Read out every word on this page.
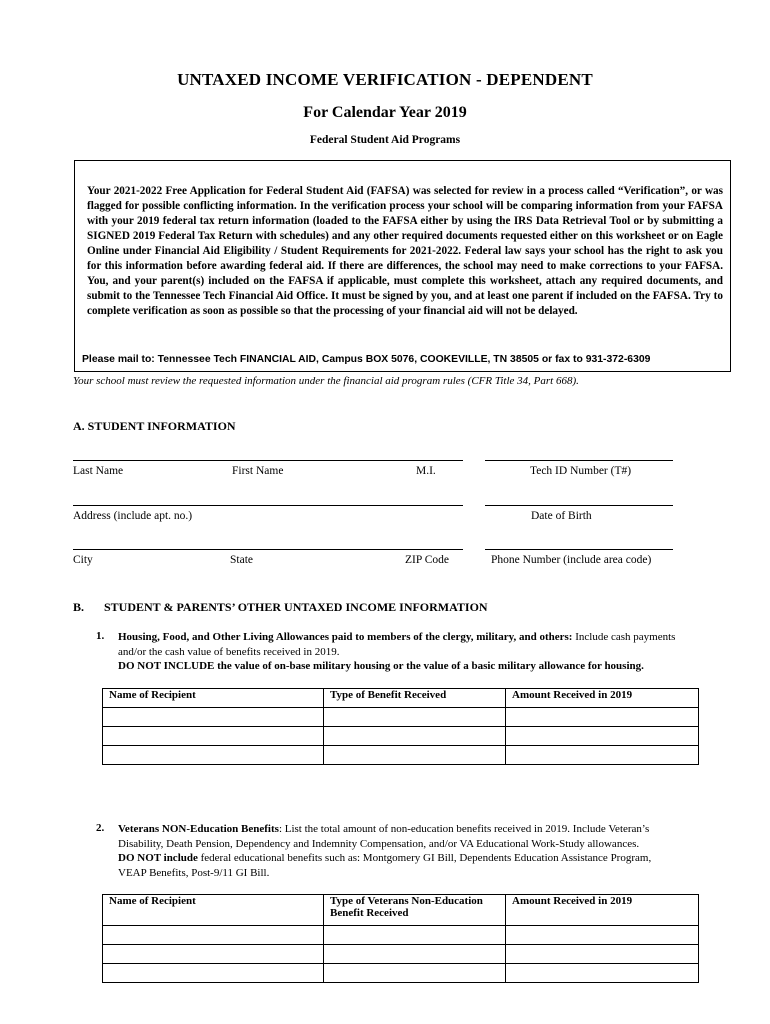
UNTAXED INCOME VERIFICATION - DEPENDENT
For Calendar Year 2019
Federal Student Aid Programs
Your 2021-2022 Free Application for Federal Student Aid (FAFSA) was selected for review in a process called “Verification”, or was flagged for possible conflicting information. In the verification process your school will be comparing information from your FAFSA with your 2019 federal tax return information (loaded to the FAFSA either by using the IRS Data Retrieval Tool or by submitting a SIGNED 2019 Federal Tax Return with schedules) and any other required documents requested either on this worksheet or on Eagle Online under Financial Aid Eligibility / Student Requirements for 2021-2022. Federal law says your school has the right to ask you for this information before awarding federal aid. If there are differences, the school may need to make corrections to your FAFSA. You, and your parent(s) included on the FAFSA if applicable, must complete this worksheet, attach any required documents, and submit to the Tennessee Tech Financial Aid Office. It must be signed by you, and at least one parent if included on the FAFSA. Try to complete verification as soon as possible so that the processing of your financial aid will not be delayed.
Please mail to: Tennessee Tech FINANCIAL AID, Campus BOX 5076, COOKEVILLE, TN 38505 or fax to 931-372-6309
Your school must review the requested information under the financial aid program rules (CFR Title 34, Part 668).
A. STUDENT INFORMATION
Last Name	First Name	M.I.	Tech ID Number (T#)
Address (include apt. no.)	Date of Birth
City	State	ZIP Code	Phone Number (include area code)
B. STUDENT & PARENTS’ OTHER UNTAXED INCOME INFORMATION
1. Housing, Food, and Other Living Allowances paid to members of the clergy, military, and others: Include cash payments and/or the cash value of benefits received in 2019.
DO NOT INCLUDE the value of on-base military housing or the value of a basic military allowance for housing.
Name of Recipient	Type of Benefit Received	Amount Received in 2019

2. Veterans NON-Education Benefits: List the total amount of non-education benefits received in 2019. Include Veteran’s Disability, Death Pension, Dependency and Indemnity Compensation, and/or VA Educational Work-Study allowances.
DO NOT include federal educational benefits such as: Montgomery GI Bill, Dependents Education Assistance Program, VEAP Benefits, Post-9/11 GI Bill.
Name of Recipient	Type of Veterans Non-Education Benefit Received	Amount Received in 2019
